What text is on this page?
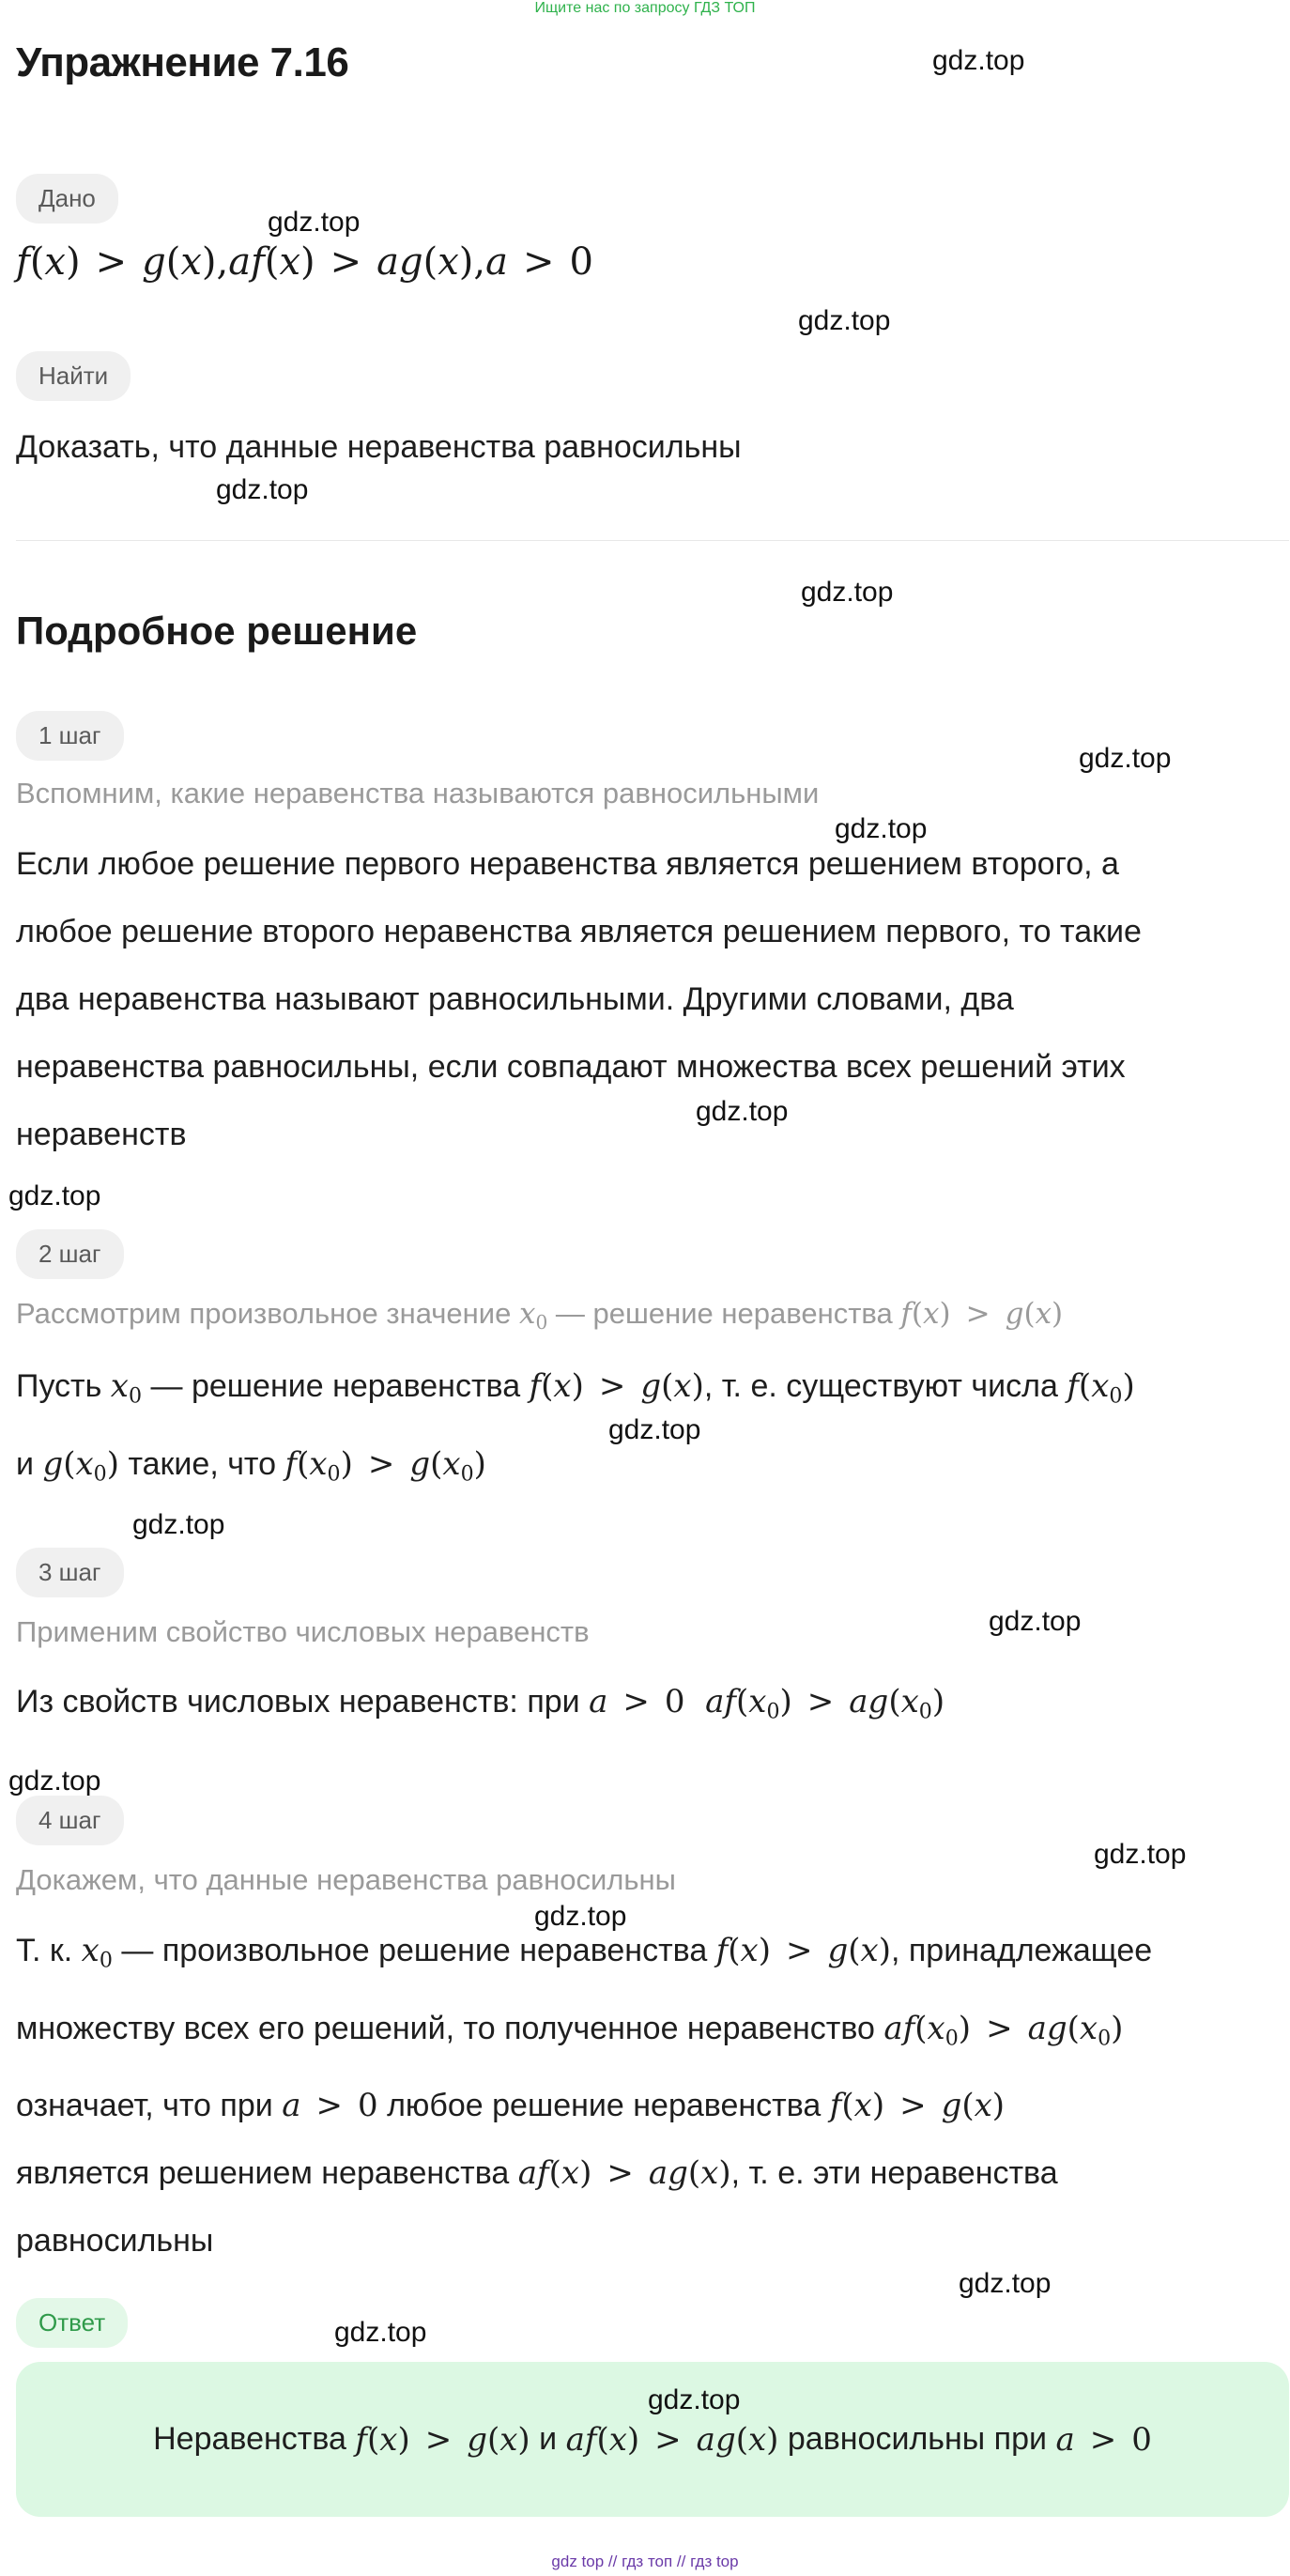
Ищите нас по запросу ГДЗ ТОП
Упражнение 7.16
Дано
f(x) > g(x),af(x) > ag(x),a > 0
Найти
Доказать, что данные неравенства равносильны
Подробное решение
1 шаг
Вспомним, какие неравенства называются равносильными
Если любое решение первого неравенства является решением второго, а
любое решение второго неравенства является решением первого, то такие
два неравенства называют равносильными. Другими словами, два
неравенства равносильны, если совпадают множества всех решений этих
неравенств
2 шаг
Рассмотрим произвольное значение $x_0$ — решение неравенства f(x) > g(x)
Пусть $x_0$ — решение неравенства f(x) > g(x), т. е. существуют числа $f(x_0)$
и $g(x_0)$ такие, что $f(x_0) > g(x_0)$
3 шаг
Применим свойство числовых неравенств
Из свойств числовых неравенств: при a > 0  $af(x_0) > ag(x_0)$
4 шаг
Докажем, что данные неравенства равносильны
Т. к. $x_0$ — произвольное решение неравенства f(x) > g(x), принадлежащее
множеству всех его решений, то полученное неравенство $af(x_0) > ag(x_0)$
означает, что при a > 0 любое решение неравенства f(x) > g(x)
является решением неравенства af(x) > ag(x), т. е. эти неравенства
равносильны
Ответ
Неравенства
f(x) > g(x)
и
af(x) > ag(x)
равносильны при
a > 0
gdz.top
gdz.top
gdz.top
gdz.top
gdz.top
gdz.top
gdz.top
gdz.top
gdz.top
gdz.top
gdz.top
gdz.top
gdz.top
gdz.top
gdz.top
gdz.top
gdz.top
gdz.top
gdz top // гдз топ // гдз top
